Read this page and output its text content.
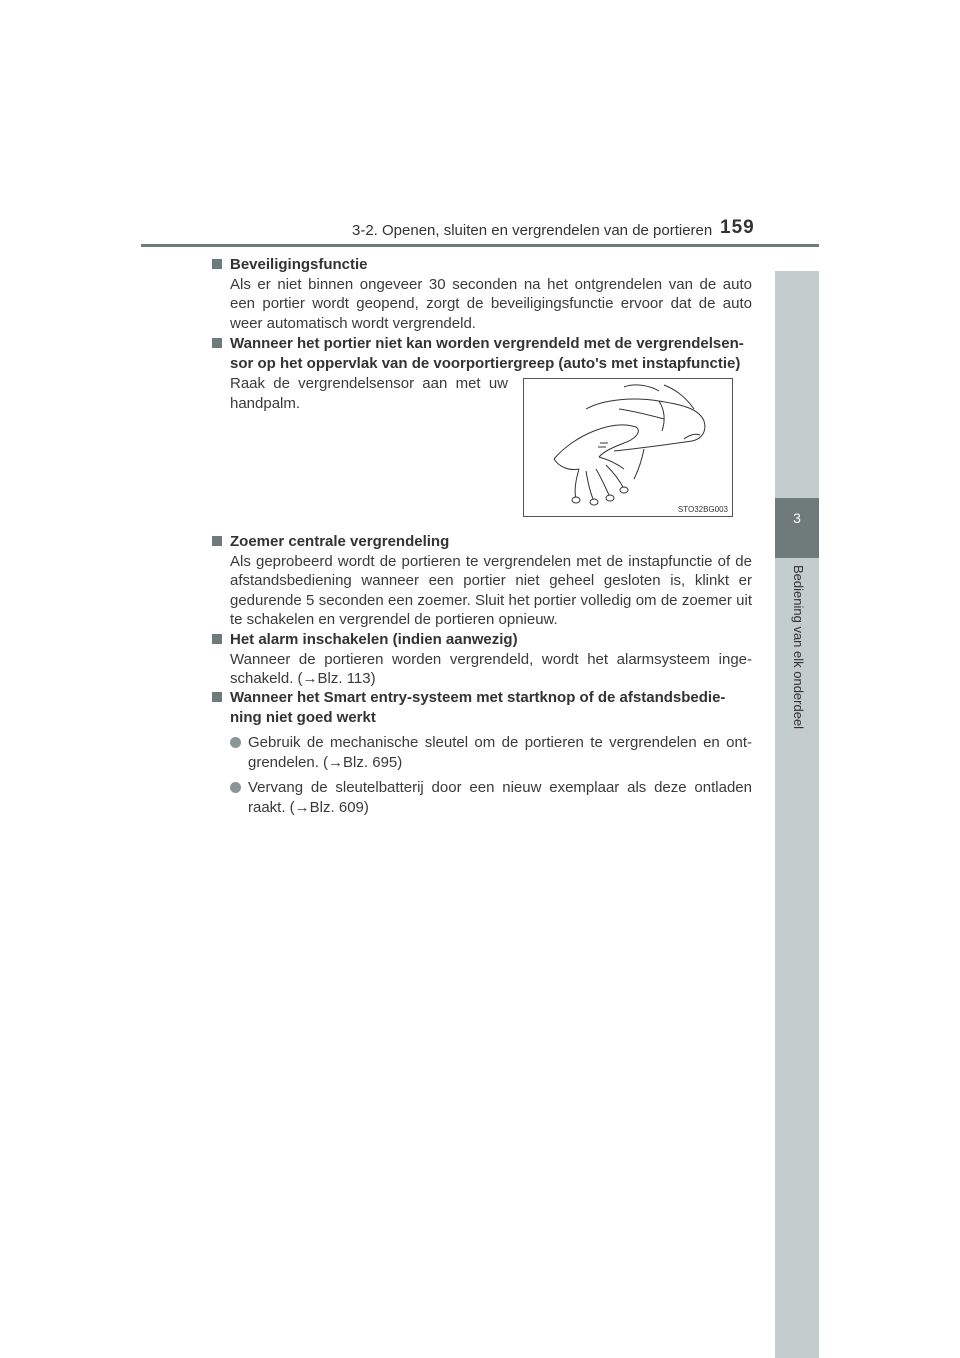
3-2. Openen, sluiten en vergrendelen van de portieren 159
3
Bediening van elk onderdeel
Beveiligingsfunctie
Als er niet binnen ongeveer 30 seconden na het ontgrendelen van de auto een portier wordt geopend, zorgt de beveiligingsfunctie ervoor dat de auto weer automatisch wordt vergrendeld.
Wanneer het portier niet kan worden vergrendeld met de vergrendelsen-sor op het oppervlak van de voorportiergreep (auto's met instapfunctie)
Raak de vergrendelsensor aan met uw handpalm.
STO32BG003
Zoemer centrale vergrendeling
Als geprobeerd wordt de portieren te vergrendelen met de instapfunctie of de afstandsbediening wanneer een portier niet geheel gesloten is, klinkt er gedurende 5 seconden een zoemer. Sluit het portier volledig om de zoemer uit te schakelen en vergrendel de portieren opnieuw.
Het alarm inschakelen (indien aanwezig)
Wanneer de portieren worden vergrendeld, wordt het alarmsysteem inge-schakeld. (→Blz. 113)
Wanneer het Smart entry-systeem met startknop of de afstandsbedie-ning niet goed werkt
Gebruik de mechanische sleutel om de portieren te vergrendelen en ont-grendelen. (→Blz. 695)
Vervang de sleutelbatterij door een nieuw exemplaar als deze ontladen raakt. (→Blz. 609)
